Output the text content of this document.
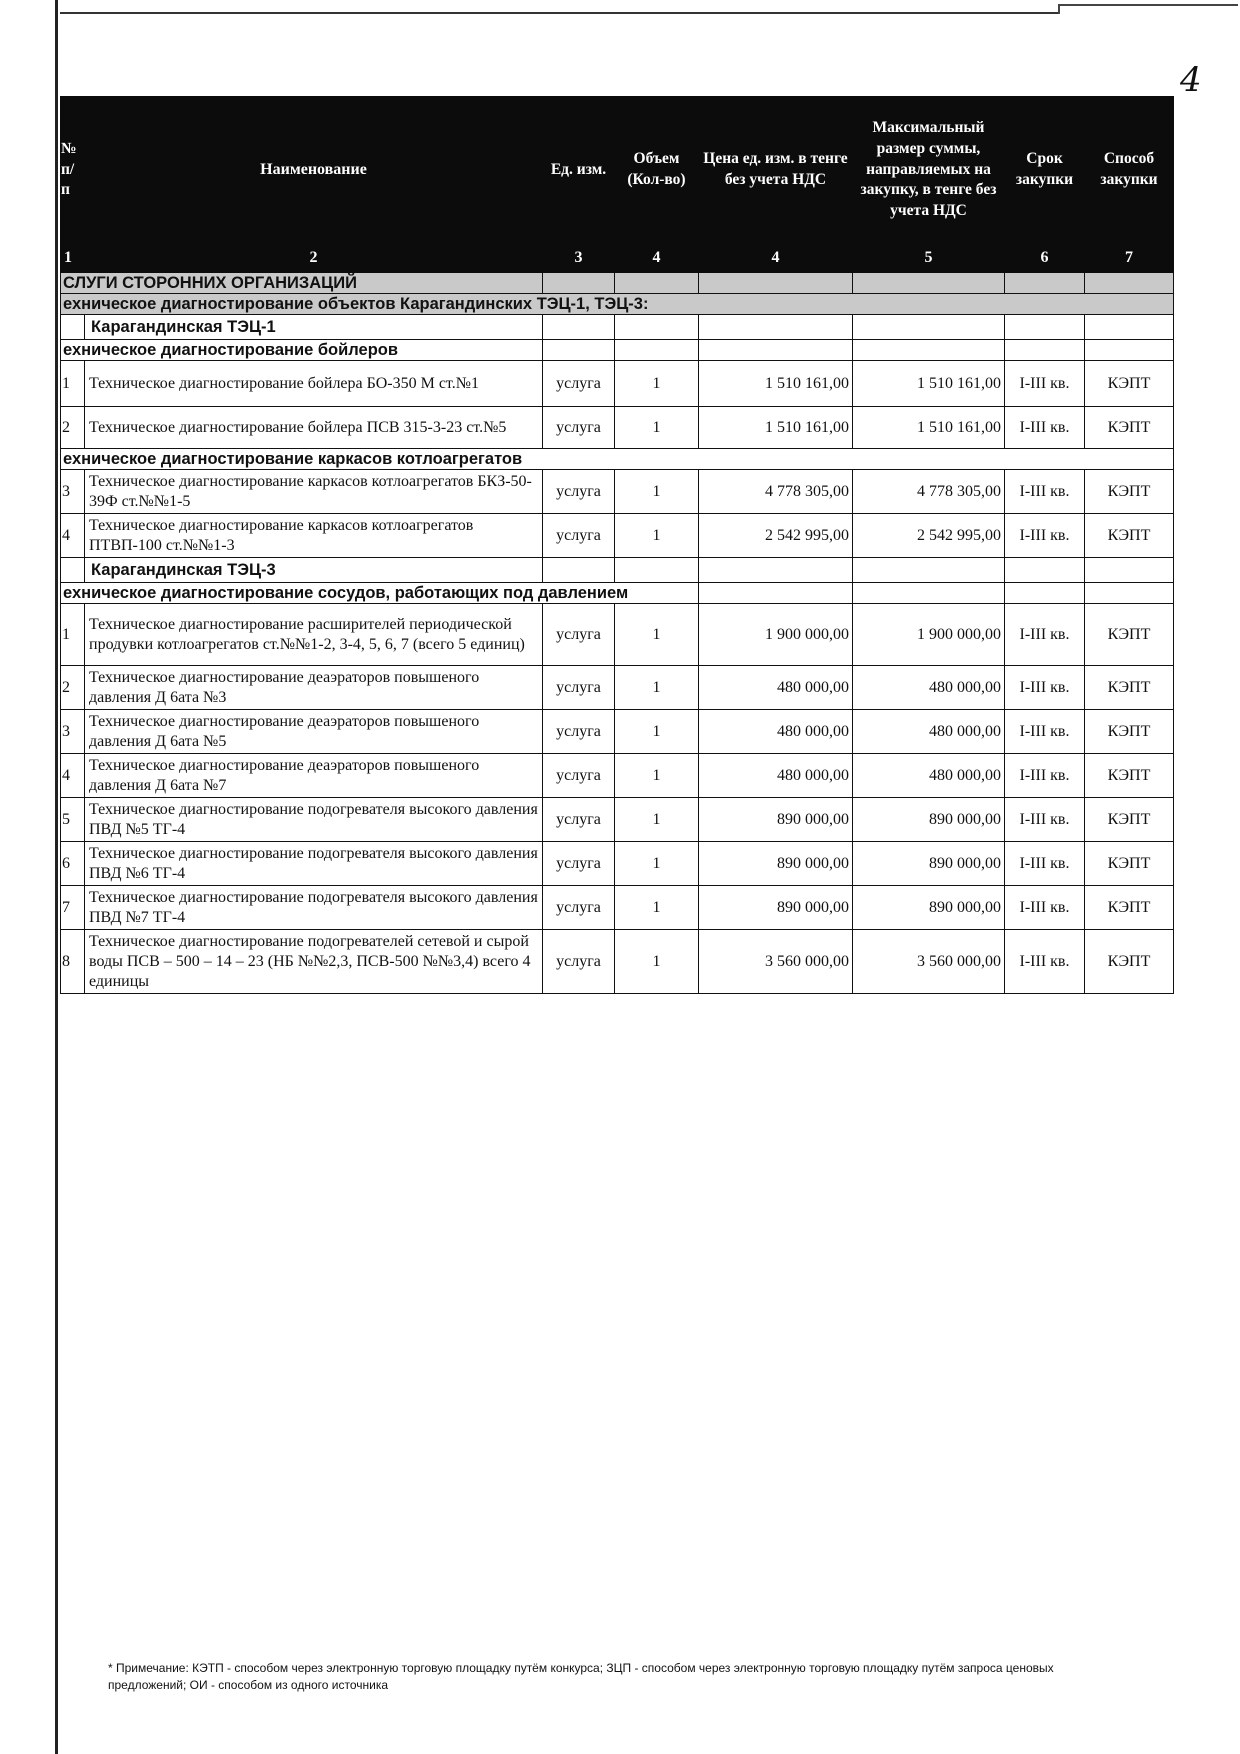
4
№ п/п	Наименование	Ед. изм.	Объем (Кол-во)	Цена ед. изм. в тенге без учета НДС	Максимальный размер суммы, направляемых на закупку, в тенге без учета НДС	Срок закупки	Способ закупки
1	2	3	4	4	5	6	7
СЛУГИ СТОРОННИХ ОРГАНИЗАЦИЙ							
ехническое диагностирование объектов Карагандинских ТЭЦ-1, ТЭЦ-3:							
	Карагандинская ТЭЦ-1						
ехническое диагностирование бойлеров							
1	Техническое диагностирование бойлера БО-350 М ст.№1	услуга	1	1 510 161,00	1 510 161,00	I-III кв.	КЭПТ
2	Техническое диагностирование бойлера ПСВ 315-3-23 ст.№5	услуга	1	1 510 161,00	1 510 161,00	I-III кв.	КЭПТ
ехническое диагностирование каркасов котлоагрегатов							
3	Техническое диагностирование каркасов котлоагрегатов БКЗ-50-39Ф ст.№№1-5	услуга	1	4 778 305,00	4 778 305,00	I-III кв.	КЭПТ
4	Техническое диагностирование каркасов котлоагрегатов ПТВП-100 ст.№№1-3	услуга	1	2 542 995,00	2 542 995,00	I-III кв.	КЭПТ
	Карагандинская ТЭЦ-3						
ехническое диагностирование сосудов, работающих под давлением							
1	Техническое диагностирование расширителей периодической продувки котлоагрегатов ст.№№1-2, 3-4, 5, 6, 7 (всего 5 единиц)	услуга	1	1 900 000,00	1 900 000,00	I-III кв.	КЭПТ
2	Техническое диагностирование деаэраторов повышеного давления Д 6ата №3	услуга	1	480 000,00	480 000,00	I-III кв.	КЭПТ
3	Техническое диагностирование деаэраторов повышеного давления Д 6ата №5	услуга	1	480 000,00	480 000,00	I-III кв.	КЭПТ
4	Техническое диагностирование деаэраторов повышеного давления Д 6ата №7	услуга	1	480 000,00	480 000,00	I-III кв.	КЭПТ
5	Техническое диагностирование подогревателя высокого давления ПВД №5 ТГ-4	услуга	1	890 000,00	890 000,00	I-III кв.	КЭПТ
6	Техническое диагностирование подогревателя высокого давления ПВД №6 ТГ-4	услуга	1	890 000,00	890 000,00	I-III кв.	КЭПТ
7	Техническое диагностирование подогревателя высокого давления ПВД №7 ТГ-4	услуга	1	890 000,00	890 000,00	I-III кв.	КЭПТ
8	Техническое диагностирование подогревателей сетевой и сырой воды ПСВ – 500 – 14 – 23 (НБ №№2,3, ПСВ-500 №№3,4) всего 4 единицы	услуга	1	3 560 000,00	3 560 000,00	I-III кв.	КЭПТ
* Примечание: КЭТП - способом через электронную торговую площадку путём конкурса; ЗЦП - способом через электронную торговую площадку путём запроса ценовых предложений; ОИ - способом из одного источника
